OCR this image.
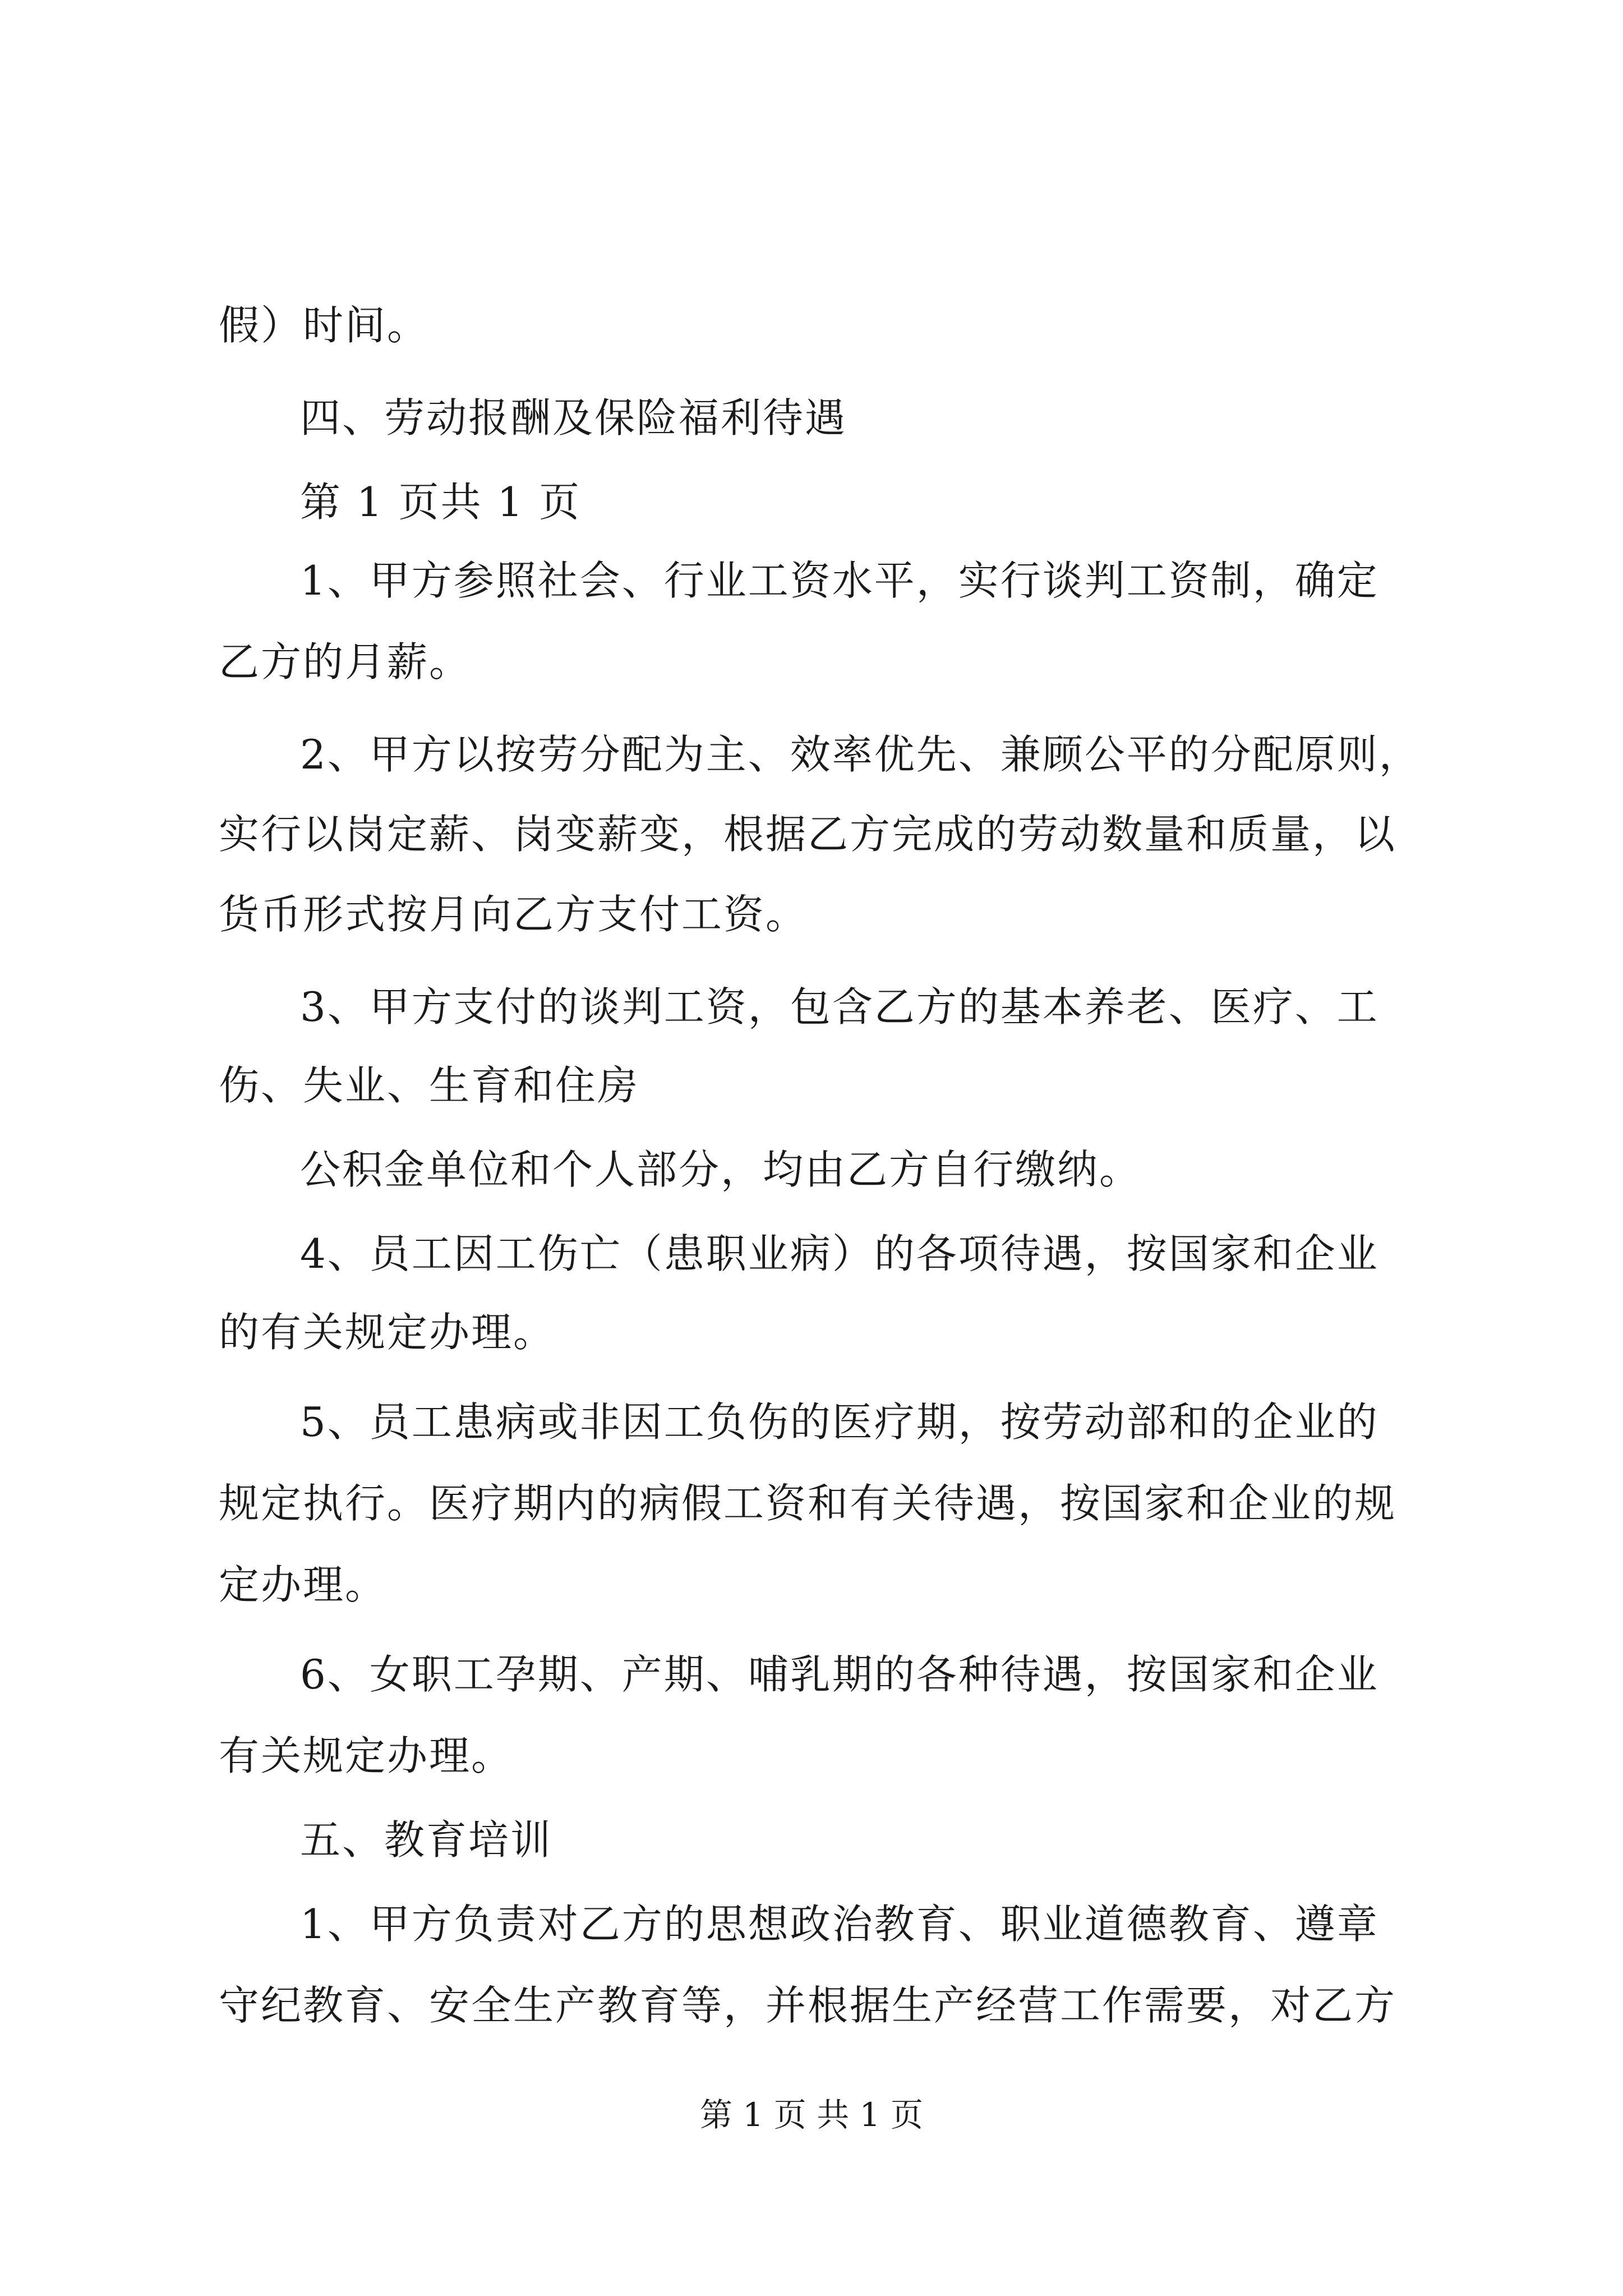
假）时间。
四、劳动报酬及保险福利待遇
第 1 页共 1 页
1、甲方参照社会、行业工资水平，实行谈判工资制，确定
乙方的月薪。
2、甲方以按劳分配为主、效率优先、兼顾公平的分配原则，
实行以岗定薪、岗变薪变，根据乙方完成的劳动数量和质量，以
货币形式按月向乙方支付工资。
3、甲方支付的谈判工资，包含乙方的基本养老、医疗、工
伤、失业、生育和住房
公积金单位和个人部分，均由乙方自行缴纳。
4、员工因工伤亡（患职业病）的各项待遇，按国家和企业
的有关规定办理。
5、员工患病或非因工负伤的医疗期，按劳动部和的企业的
规定执行。医疗期内的病假工资和有关待遇，按国家和企业的规
定办理。
6、女职工孕期、产期、哺乳期的各种待遇，按国家和企业
有关规定办理。
五、教育培训
1、甲方负责对乙方的思想政治教育、职业道德教育、遵章
守纪教育、安全生产教育等，并根据生产经营工作需要，对乙方
第 1 页 共 1 页
